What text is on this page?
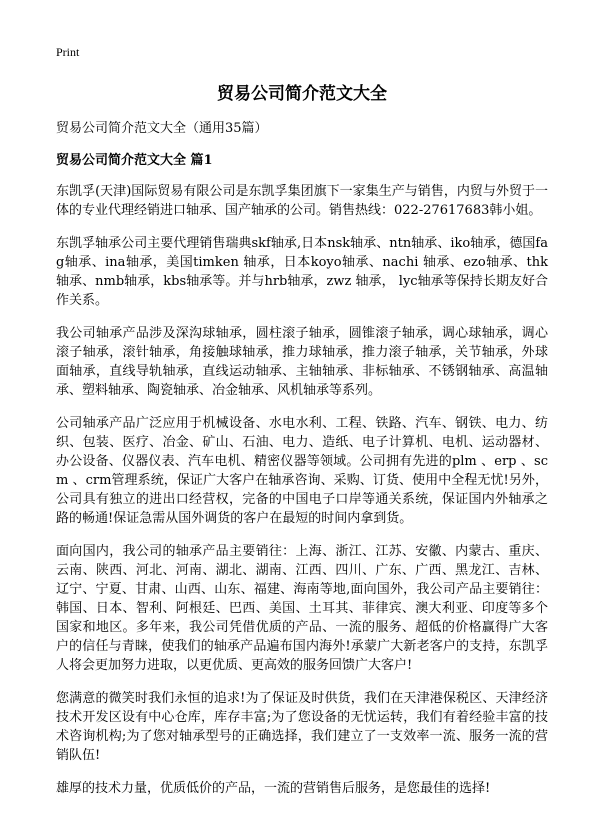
Print

贸易公司简介范文大全

贸易公司简介范文大全（通用35篇）

贸易公司简介范文大全 篇1

东凯孚(天津)国际贸易有限公司是东凯孚集团旗下一家集生产与销售，内贸与外贸于一体的专业代理经销进口轴承、国产轴承的公司。销售热线：022-27617683韩小姐。

东凯孚轴承公司主要代理销售瑞典skf轴承,日本nsk轴承、ntn轴承、iko轴承，德国fag轴承、ina轴承，美国timken 轴承，日本koyo轴承、nachi 轴承、ezo轴承、thk轴承、nmb轴承，kbs轴承等。并与hrb轴承，zwz 轴承， lyc轴承等保持长期友好合作关系。

我公司轴承产品涉及深沟球轴承，圆柱滚子轴承，圆锥滚子轴承，调心球轴承，调心滚子轴承，滚针轴承，角接触球轴承，推力球轴承，推力滚子轴承，关节轴承，外球面轴承，直线导轨轴承，直线运动轴承、主轴轴承、非标轴承、不锈钢轴承、高温轴承、塑料轴承、陶瓷轴承、冶金轴承、风机轴承等系列。

公司轴承产品广泛应用于机械设备、水电水利、工程、铁路、汽车、钢铁、电力、纺织、包装、医疗、冶金、矿山、石油、电力、造纸、电子计算机、电机、运动器材、办公设备、仪器仪表、汽车电机、精密仪器等领域。公司拥有先进的plm 、erp 、scm 、crm管理系统，保证广大客户在轴承咨询、采购、订货、使用中全程无忧!另外，公司具有独立的进出口经营权，完备的中国电子口岸等通关系统，保证国内外轴承之路的畅通!保证急需从国外调货的客户在最短的时间内拿到货。

面向国内，我公司的轴承产品主要销往：上海、浙江、江苏、安徽、内蒙古、重庆、云南、陕西、河北、河南、湖北、湖南、江西、四川、广东、广西、黑龙江、吉林、辽宁、宁夏、甘肃、山西、山东、福建、海南等地,面向国外，我公司产品主要销往：韩国、日本、智利、阿根廷、巴西、美国、土耳其、菲律宾、澳大利亚、印度等多个国家和地区。多年来，我公司凭借优质的产品、一流的服务、超低的价格赢得广大客户的信任与青睐，使我们的轴承产品遍布国内海外!承蒙广大新老客户的支持，东凯孚人将会更加努力进取，以更优质、更高效的服务回馈广大客户!

您满意的微笑时我们永恒的追求!为了保证及时供货，我们在天津港保税区、天津经济技术开发区设有中心仓库，库存丰富;为了您设备的无忧运转，我们有着经验丰富的技术咨询机构;为了您对轴承型号的正确选择，我们建立了一支效率一流、服务一流的营销队伍!

雄厚的技术力量，优质低价的产品，一流的营销售后服务，是您最佳的选择!
